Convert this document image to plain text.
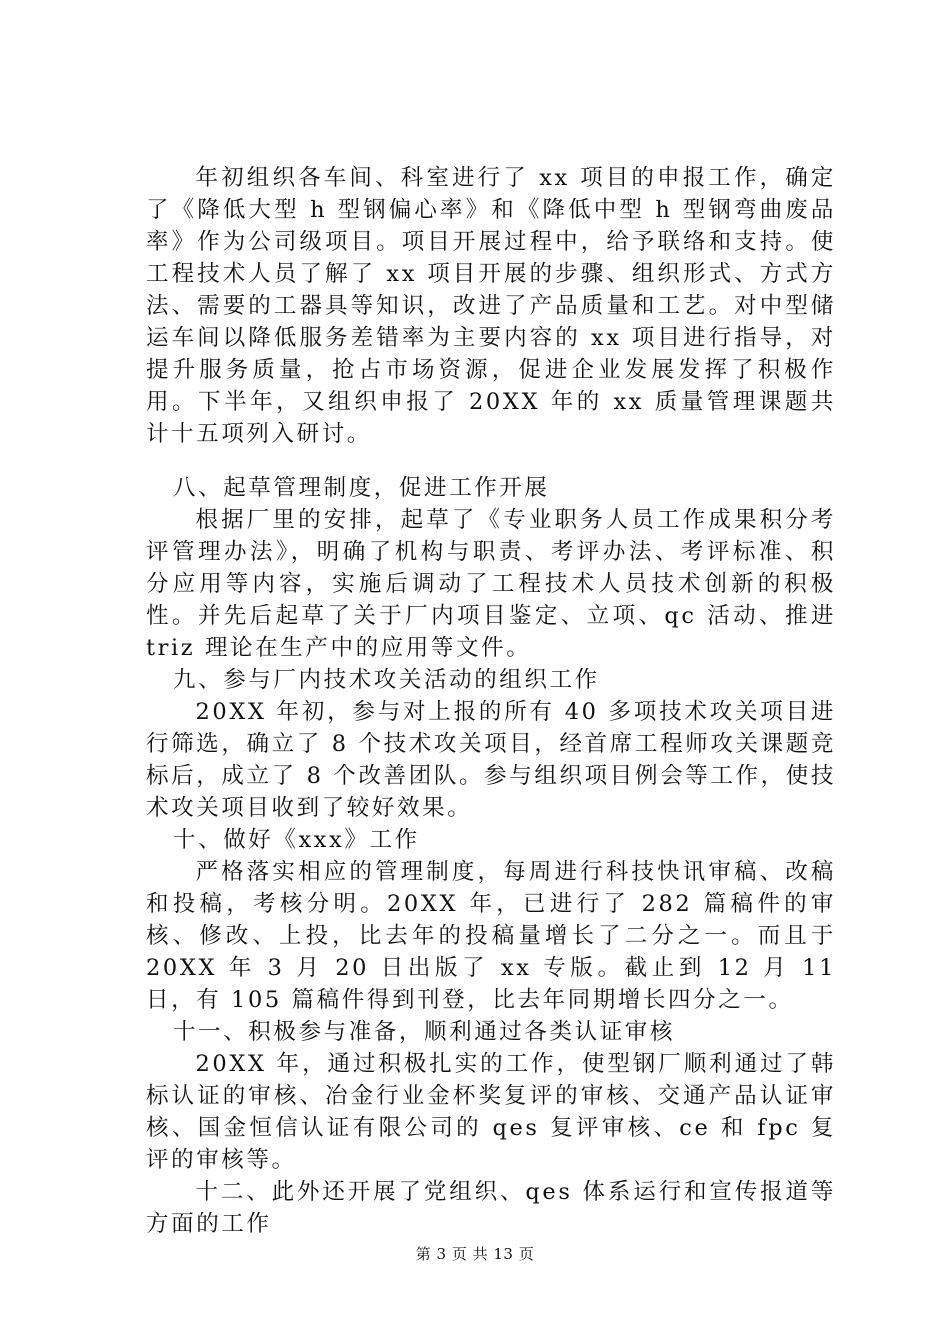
年初组织各车间、科室进行了 xx 项目的申报工作，确定了《降低大型 h 型钢偏心率》和《降低中型 h 型钢弯曲废品率》作为公司级项目。项目开展过程中，给予联络和支持。使工程技术人员了解了 xx 项目开展的步骤、组织形式、方式方法、需要的工器具等知识，改进了产品质量和工艺。对中型储运车间以降低服务差错率为主要内容的 xx 项目进行指导，对提升服务质量，抢占市场资源，促进企业发展发挥了积极作用。下半年，又组织申报了 20XX 年的 xx 质量管理课题共计十五项列入研讨。

八、起草管理制度，促进工作开展

根据厂里的安排，起草了《专业职务人员工作成果积分考评管理办法》，明确了机构与职责、考评办法、考评标准、积分应用等内容，实施后调动了工程技术人员技术创新的积极性。并先后起草了关于厂内项目鉴定、立项、qc 活动、推进 triz 理论在生产中的应用等文件。

九、参与厂内技术攻关活动的组织工作

20XX 年初，参与对上报的所有 40 多项技术攻关项目进行筛选，确立了 8 个技术攻关项目，经首席工程师攻关课题竞标后，成立了 8 个改善团队。参与组织项目例会等工作，使技术攻关项目收到了较好效果。

十、做好《xxx》工作

严格落实相应的管理制度，每周进行科技快讯审稿、改稿和投稿，考核分明。20XX 年，已进行了 282 篇稿件的审核、修改、上投，比去年的投稿量增长了二分之一。而且于 20XX 年 3 月 20 日出版了 xx 专版。截止到 12 月 11 日，有 105 篇稿件得到刊登，比去年同期增长四分之一。

十一、积极参与准备，顺利通过各类认证审核

20XX 年，通过积极扎实的工作，使型钢厂顺利通过了韩标认证的审核、冶金行业金杯奖复评的审核、交通产品认证审核、国金恒信认证有限公司的 qes 复评审核、ce 和 fpc 复评的审核等。

十二、此外还开展了党组织、qes 体系运行和宣传报道等方面的工作

第 3 页 共 13 页
